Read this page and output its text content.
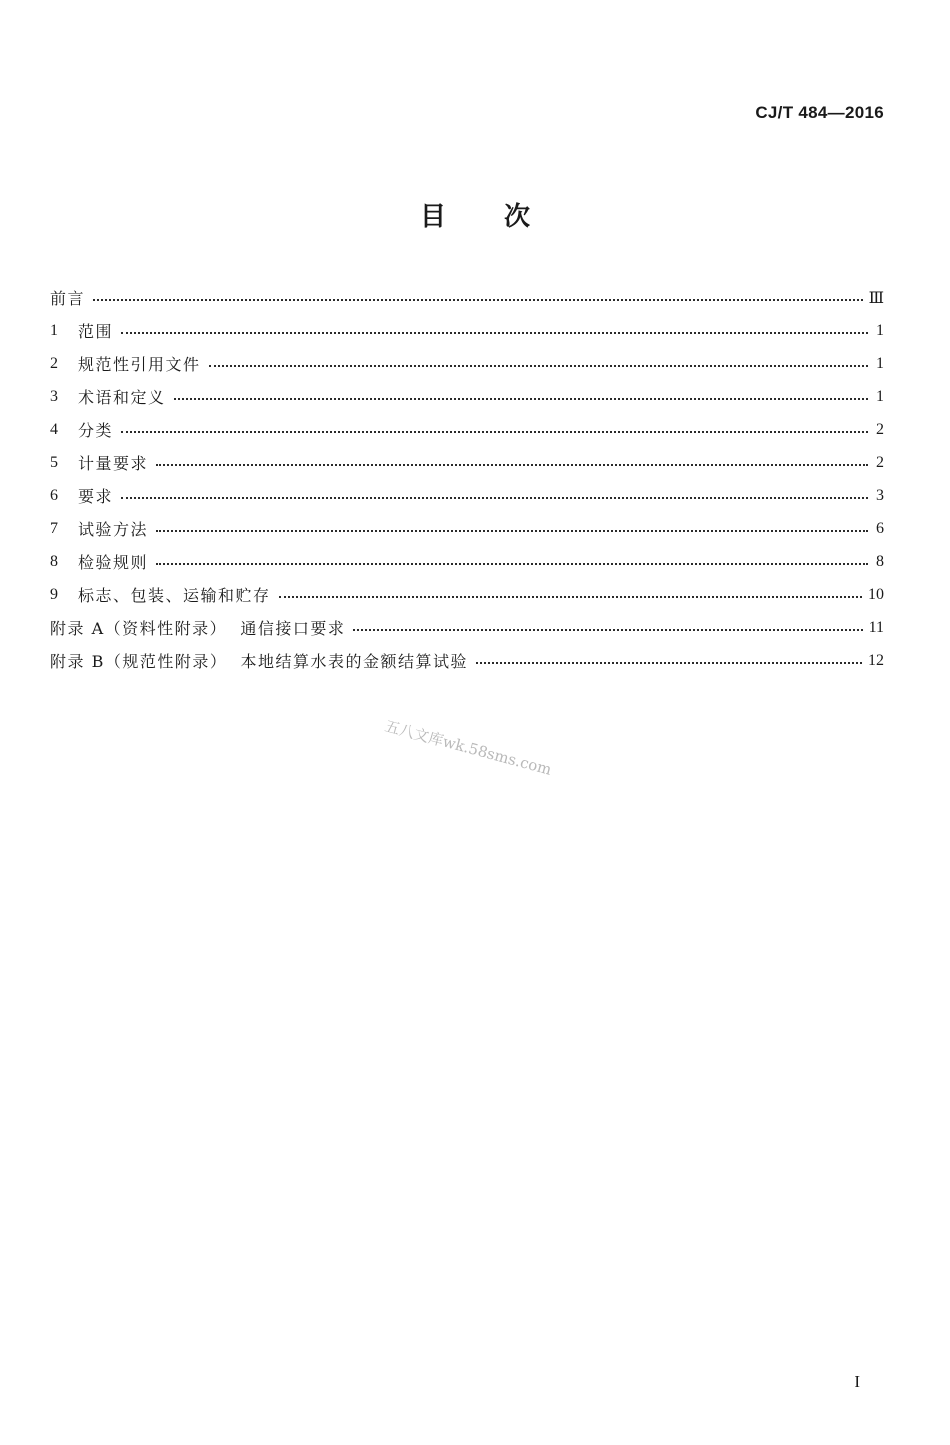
CJ/T 484—2016
目次
前言	Ⅲ
1	范围	1
2	规范性引用文件	1
3	术语和定义	1
4	分类	2
5	计量要求	2
6	要求	3
7	试验方法	6
8	检验规则	8
9	标志、包装、运输和贮存	10
附录 A（资料性附录）  通信接口要求	11
附录 B（规范性附录）  本地结算水表的金额结算试验	12
五八文库wk.58sms.com
I
